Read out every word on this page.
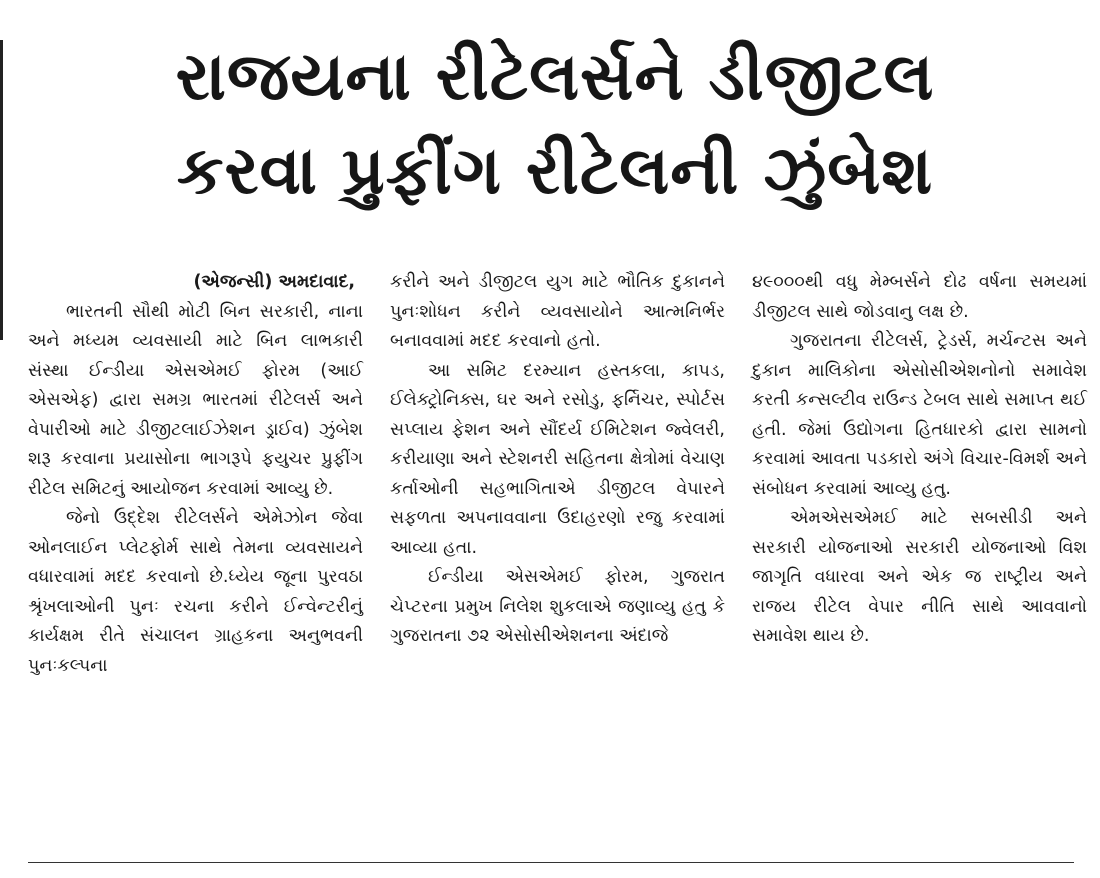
રાજયના રીટેલર્સને ડીજીટલ
કરવા પ્રુફીંગ રીટેલની ઝુંબેશ

(એજન્સી) અમદાવાદ,

ભારતની સૌથી મોટી બિન સરકારી, નાના અને મધ્યમ વ્યવસાયી માટે બિન લાભકારી સંસ્થા ઈન્ડીયા એસએમઈ ફોરમ (આઈ એસએફ) દ્વારા સમગ્ર ભારતમાં રીટેલર્સ અને વેપારીઓ માટે ડીજીટલાઈઝેશન ડ્રાઈવ) ઝુંબેશ શરૂ કરવાના પ્રયાસોના ભાગરૂપે ફયુચર પ્રુફીંગ રીટેલ સમિટનું આયોજન કરવામાં આવ્યુ છે.

જેનો ઉદ્દેશ રીટેલર્સને એમેઝોન જેવા ઓનલાઈન પ્લેટફોર્મ સાથે તેમના વ્યવસાયને વધારવામાં મદદ કરવાનો છે.ધ્યેય જૂના પુરવઠા શ્રૃંખલાઓની પુનઃ રચના કરીને ઈન્વેન્ટરીનું કાર્યક્ષમ રીતે સંચાલન ગ્રાહકના અનુભવની પુનઃકલ્પના

કરીને અને ડીજીટલ યુગ માટે ભૌતિક દુકાનને પુનઃશોધન કરીને વ્યવસાયોને આત્મનિર્ભર બનાવવામાં મદદ કરવાનો હતો.

આ સમિટ દરમ્યાન હસ્તકલા, કાપડ, ઈલેક્ટ્રોનિક્સ, ઘર અને રસોડુ, ફર્નિચર, સ્પોર્ટસ સપ્લાય ફેશન અને સૌંદર્ય ઈમિટેશન જ્વેલરી, કરીયાણા અને સ્ટેશનરી સહિતના ક્ષેત્રોમાં વેચાણ કર્તાઓની સહભાગિતાએ ડીજીટલ વેપારને સફળતા અપનાવવાના ઉદાહરણો રજુ કરવામાં આવ્યા હતા.

ઈન્ડીયા એસએમઈ ફોરમ, ગુજરાત ચેપ્ટરના પ્રમુખ નિલેશ શુકલાએ જણાવ્યુ હતુ કે ગુજરાતના ૭૨ એસોસીએશનના અંદાજે

૪૯૦૦૦થી વધુ મેમ્બર્સને દોઢ વર્ષના સમયમાં ડીજીટલ સાથે જોડવાનુ લક્ષ છે.

ગુજરાતના રીટેલર્સ, ટ્રેડર્સ, મર્ચન્ટસ અને દુકાન માલિકોના એસોસીએશનોનો સમાવેશ કરતી કન્સલ્ટીવ રાઉન્ડ ટેબલ સાથે સમાપ્ત થઈ હતી. જેમાં ઉદ્યોગના હિતધારકો દ્વારા સામનો કરવામાં આવતા પડકારો અંગે વિચાર-વિમર્શ અને સંબોધન કરવામાં આવ્યુ હતુ.

એમએસએમઈ માટે સબસીડી અને સરકારી યોજનાઓ સરકારી યોજનાઓ વિશ જાગૃતિ વધારવા અને એક જ રાષ્ટ્રીય અને રાજય રીટેલ વેપાર નીતિ સાથે આવવાનો સમાવેશ થાય છે.
